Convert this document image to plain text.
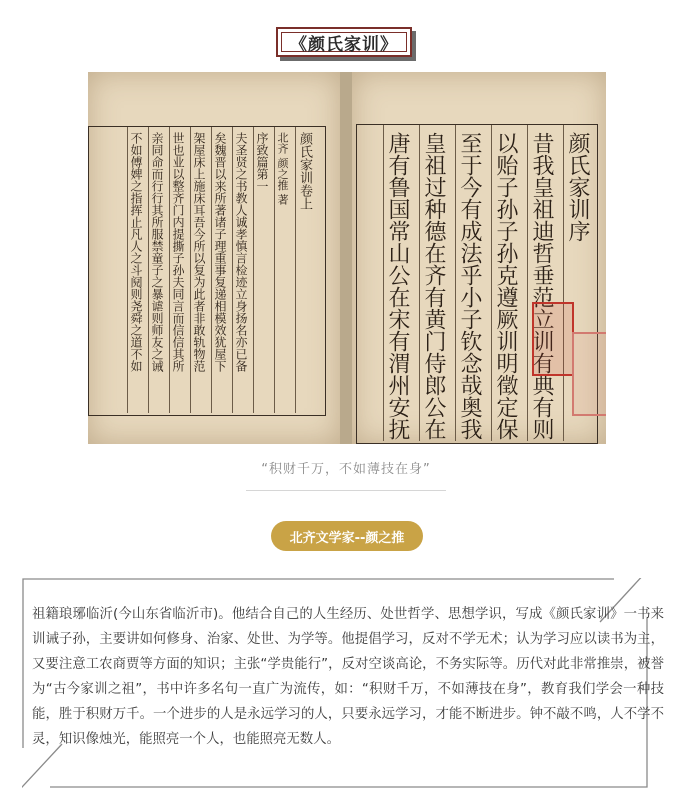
《颜氏家训》
颜氏家训卷上
北齐 颜之推 著
序致篇第一
夫圣贤之书教人诚孝慎言检迹立身扬名亦已备
矣魏晋以来所著诸子理重事复递相模效犹屋下
架屋床上施床耳吾今所以复为此者非敢轨物范
世也业以整齐门内提撕子孙夫同言而信信其所
亲同命而行行其所服禁童子之暴谑则师友之诫
不如傅婢之指挥止凡人之斗阋则尧舜之道不如	颜氏家训序
昔我皇祖迪哲垂范立训有典有则
以贻子孙子孙克遵厥训明徵定保
至于今有成法乎小子钦念哉奥我
皇祖过种德在齐有黄门侍郎公在
唐有鲁国常山公在宋有渭州安抚
“积财千万，不如薄技在身”
北齐文学家--颜之推
祖籍琅琊临沂(今山东省临沂市)。他结合自己的人生经历、处世哲学、思想学识，写成《颜氏家训》一书来训诫子孙，主要讲如何修身、治家、处世、为学等。他提倡学习，反对不学无术；认为学习应以读书为主，又要注意工农商贾等方面的知识；主张“学贵能行”，反对空谈高论，不务实际等。历代对此非常推崇，被誉为“古今家训之祖”，书中许多名句一直广为流传，如：“积财千万，不如薄技在身”，教育我们学会一种技能，胜于积财万千。一个进步的人是永远学习的人，只要永远学习，才能不断进步。钟不敲不鸣，人不学不灵，知识像烛光，能照亮一个人，也能照亮无数人。
